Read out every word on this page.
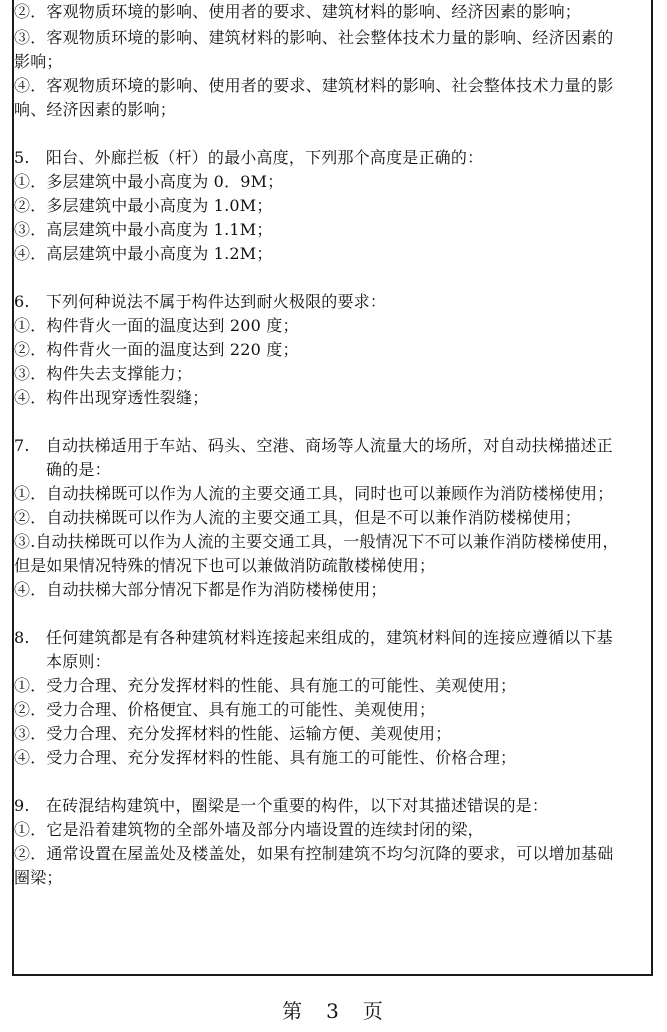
②．客观物质环境的影响、使用者的要求、建筑材料的影响、经济因素的影响；
③．客观物质环境的影响、建筑材料的影响、社会整体技术力量的影响、经济因素的
影响；
④．客观物质环境的影响、使用者的要求、建筑材料的影响、社会整体技术力量的影
响、经济因素的影响；
5.　阳台、外廊拦板（杆）的最小高度，下列那个高度是正确的：
①．多层建筑中最小高度为 0．9M；
②．多层建筑中最小高度为 1.0M；
③．高层建筑中最小高度为 1.1M；
④．高层建筑中最小高度为 1.2M；
6.　下列何种说法不属于构件达到耐火极限的要求：
①．构件背火一面的温度达到 200 度；
②．构件背火一面的温度达到 220 度；
③．构件失去支撑能力；
④．构件出现穿透性裂缝；
7.　自动扶梯适用于车站、码头、空港、商场等人流量大的场所，对自动扶梯描述正
确的是：
①．自动扶梯既可以作为人流的主要交通工具，同时也可以兼顾作为消防楼梯使用；
②．自动扶梯既可以作为人流的主要交通工具，但是不可以兼作消防楼梯使用；
③.自动扶梯既可以作为人流的主要交通工具，一般情况下不可以兼作消防楼梯使用，
但是如果情况特殊的情况下也可以兼做消防疏散楼梯使用；
④．自动扶梯大部分情况下都是作为消防楼梯使用；
8.　任何建筑都是有各种建筑材料连接起来组成的，建筑材料间的连接应遵循以下基
本原则：
①．受力合理、充分发挥材料的性能、具有施工的可能性、美观使用；
②．受力合理、价格便宜、具有施工的可能性、美观使用；
③．受力合理、充分发挥材料的性能、运输方便、美观使用；
④．受力合理、充分发挥材料的性能、具有施工的可能性、价格合理；
9.　在砖混结构建筑中，圈梁是一个重要的构件，以下对其描述错误的是：
①．它是沿着建筑物的全部外墙及部分内墙设置的连续封闭的梁，
②．通常设置在屋盖处及楼盖处，如果有控制建筑不均匀沉降的要求，可以增加基础
圈梁；
第　3　页
